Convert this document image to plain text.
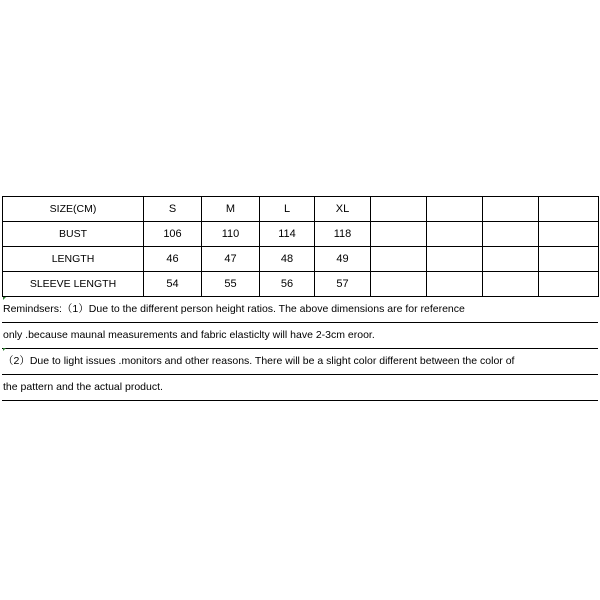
SIZE(CM)	S	M	L	XL				
BUST	106	110	114	118				
LENGTH	46	47	48	49				
SLEEVE LENGTH	54	55	56	57				
Remindsers:（1）Due to the different person height ratios. The above dimensions are for reference
only .because maunal measurements and fabric elasticlty will have 2-3cm eroor.
（2）Due to light issues .monitors and other reasons. There will be a slight color different between the color of
the pattern and the actual product.
